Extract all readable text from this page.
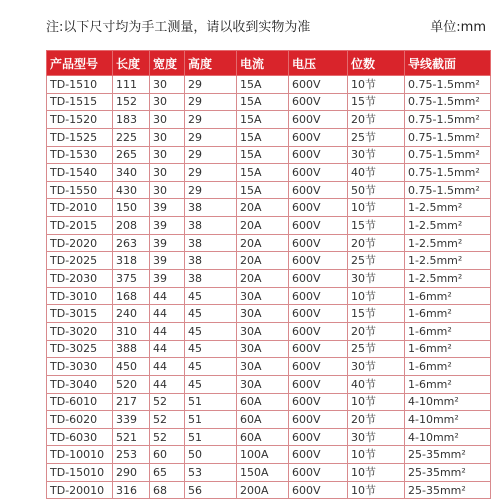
注:以下尺寸均为手工测量，请以收到实物为准	单位:mm
产品型号	长度	宽度	高度	电流	电压	位数	导线截面
TD-1510	111	30	29	15A	600V	10节	0.75-1.5mm²
TD-1515	152	30	29	15A	600V	15节	0.75-1.5mm²
TD-1520	183	30	29	15A	600V	20节	0.75-1.5mm²
TD-1525	225	30	29	15A	600V	25节	0.75-1.5mm²
TD-1530	265	30	29	15A	600V	30节	0.75-1.5mm²
TD-1540	340	30	29	15A	600V	40节	0.75-1.5mm²
TD-1550	430	30	29	15A	600V	50节	0.75-1.5mm²
TD-2010	150	39	38	20A	600V	10节	1-2.5mm²
TD-2015	208	39	38	20A	600V	15节	1-2.5mm²
TD-2020	263	39	38	20A	600V	20节	1-2.5mm²
TD-2025	318	39	38	20A	600V	25节	1-2.5mm²
TD-2030	375	39	38	20A	600V	30节	1-2.5mm²
TD-3010	168	44	45	30A	600V	10节	1-6mm²
TD-3015	240	44	45	30A	600V	15节	1-6mm²
TD-3020	310	44	45	30A	600V	20节	1-6mm²
TD-3025	388	44	45	30A	600V	25节	1-6mm²
TD-3030	450	44	45	30A	600V	30节	1-6mm²
TD-3040	520	44	45	30A	600V	40节	1-6mm²
TD-6010	217	52	51	60A	600V	10节	4-10mm²
TD-6020	339	52	51	60A	600V	20节	4-10mm²
TD-6030	521	52	51	60A	600V	30节	4-10mm²
TD-10010	253	60	50	100A	600V	10节	25-35mm²
TD-15010	290	65	53	150A	600V	10节	25-35mm²
TD-20010	316	68	56	200A	600V	10节	25-35mm²
